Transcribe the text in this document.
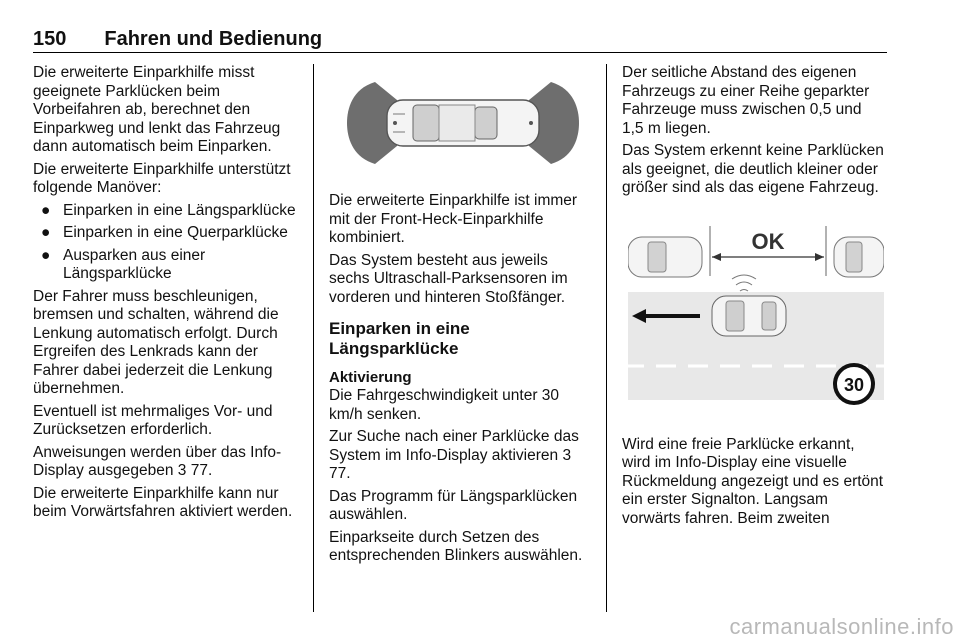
150 Fahren und Bedienung

Die erweiterte Einparkhilfe misst geeignete Parklücken beim Vorbeifahren ab, berechnet den Einparkweg und lenkt das Fahrzeug dann automatisch beim Einparken.

Die erweiterte Einparkhilfe unterstützt folgende Manöver:

● Einparken in eine Längsparklücke
● Einparken in eine Querparklücke
● Ausparken aus einer Längsparklücke

Der Fahrer muss beschleunigen, bremsen und schalten, während die Lenkung automatisch erfolgt. Durch Ergreifen des Lenkrads kann der Fahrer dabei jederzeit die Lenkung übernehmen.

Eventuell ist mehrmaliges Vor- und Zurücksetzen erforderlich.

Anweisungen werden über das Info-Display ausgegeben 3 77.

Die erweiterte Einparkhilfe kann nur beim Vorwärtsfahren aktiviert werden.

Die erweiterte Einparkhilfe ist immer mit der Front-Heck-Einparkhilfe kombiniert.

Das System besteht aus jeweils sechs Ultraschall-Parksensoren im vorderen und hinteren Stoßfänger.

Einparken in eine Längsparklücke
Aktivierung

Die Fahrgeschwindigkeit unter 30 km/h senken.

Zur Suche nach einer Parklücke das System im Info-Display aktivieren 3 77.

Das Programm für Längsparklücken auswählen.

Einparkseite durch Setzen des entsprechenden Blinkers auswählen.

Der seitliche Abstand des eigenen Fahrzeugs zu einer Reihe geparkter Fahrzeuge muss zwischen 0,5 und 1,5 m liegen.

Das System erkennt keine Parklücken als geeignet, die deutlich kleiner oder größer sind als das eigene Fahrzeug.

OK
30

Wird eine freie Parklücke erkannt, wird im Info-Display eine visuelle Rückmeldung angezeigt und es ertönt ein erster Signalton. Langsam vorwärts fahren. Beim zweiten

carmanualsonline.info
